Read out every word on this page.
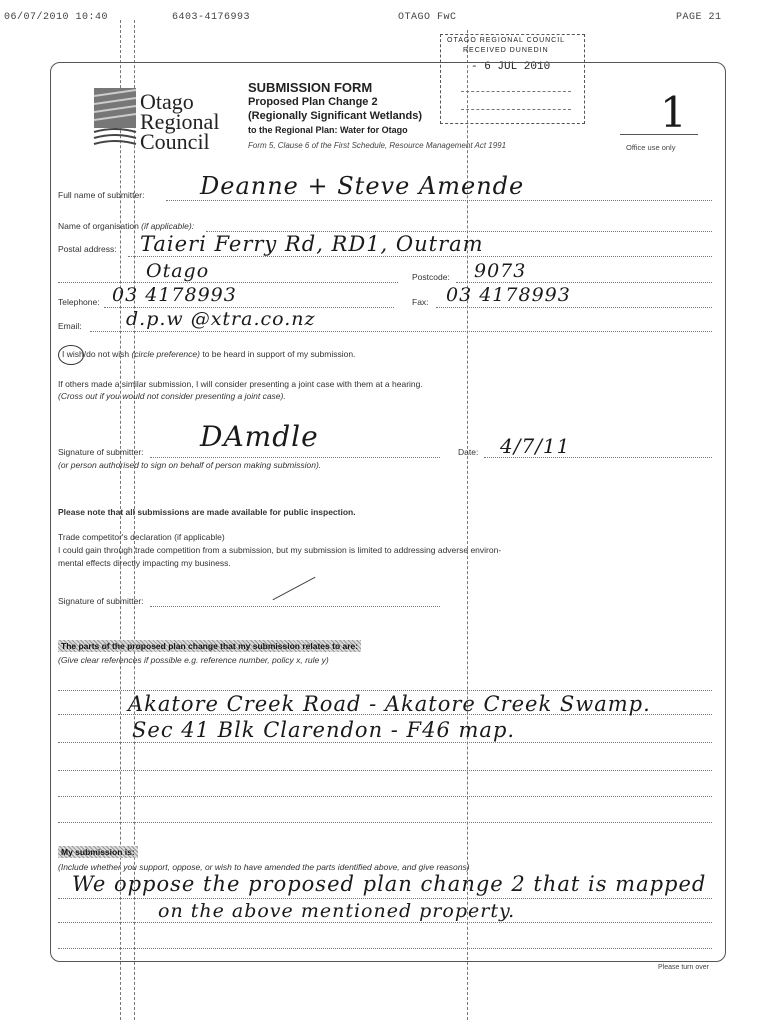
06/07/2010 10:40	6403-4176993	OTAGO FwC	PAGE 21
OTAGO REGIONAL COUNCIL
RECEIVED DUNEDIN
- 6 JUL 2010
Otago
Regional
Council
SUBMISSION FORM
Proposed Plan Change 2
(Regionally Significant Wetlands)
to the Regional Plan: Water for Otago
Form 5, Clause 6 of the First Schedule, Resource Management Act 1991
1
Office use only
Full name of submitter: Deanne + Steve Amende
Name of organisation (if applicable):
Postal address: Taieri Ferry Rd, RD1, Outram
Otago	Postcode: 9073
Telephone: 03 4178993	Fax: 03 4178993
Email: d.p.w @xtra.co.nz
I wish/do not wish (circle preference) to be heard in support of my submission.
If others made a similar submission, I will consider presenting a joint case with them at a hearing.
(Cross out if you would not consider presenting a joint case).
Signature of submitter: DAmdle	Date: 4/7/11
(or person authorised to sign on behalf of person making submission).
Please note that all submissions are made available for public inspection.
Trade competitor's declaration (if applicable)
I could gain through trade competition from a submission, but my submission is limited to addressing adverse environ-
mental effects directly impacting my business.
Signature of submitter:
The parts of the proposed plan change that my submission relates to are:
(Give clear references if possible e.g. reference number, policy x, rule y)
Akatore Creek Road - Akatore Creek Swamp.
Sec 41 Blk Clarendon - F46 map.
My submission is:
(Include whether you support, oppose, or wish to have amended the parts identified above, and give reasons)
We oppose the proposed plan change 2 that is mapped
on the above mentioned property.
Please turn over
